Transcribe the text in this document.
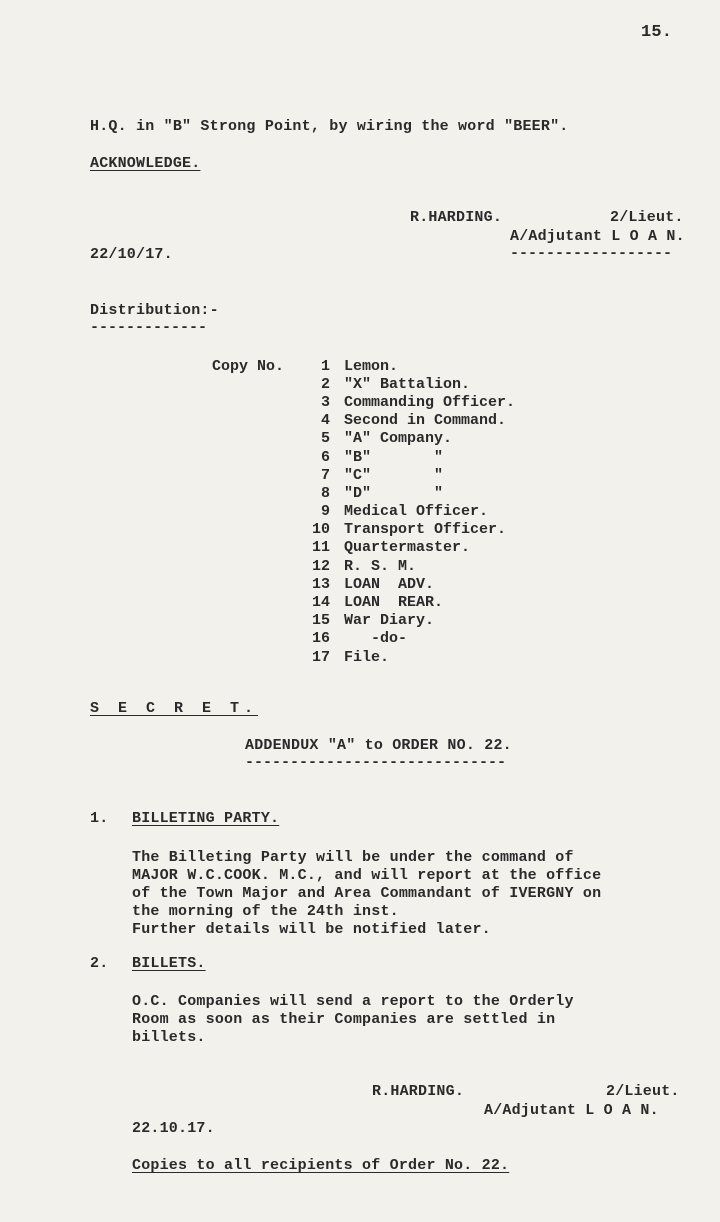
15.
H.Q. in "B" Strong Point, by wiring the word "BEER".
ACKNOWLEDGE.
R.HARDING.	2/Lieut.
A/Adjutant L O A N.
------------------
22/10/17.
Distribution:-
-------------
Copy No.	1 Lemon.
2 "X" Battalion.
3 Commanding Officer.
4 Second in Command.
5 "A" Company.
6 "B"       "
7 "C"       "
8 "D"       "
9 Medical Officer.
10 Transport Officer.
11 Quartermaster.
12 R. S. M.
13 LOAN  ADV.
14 LOAN  REAR.
15 War Diary.
16 -do-
17 File.
S E C R E T.
ADDENDUX "A" to ORDER NO. 22.
-----------------------------
1. BILLETING PARTY.
The Billeting Party will be under the command of
MAJOR W.C.COOK. M.C., and will report at the office
of the Town Major and Area Commandant of IVERGNY on
the morning of the 24th inst.
Further details will be notified later.
2. BILLETS.
O.C. Companies will send a report to the Orderly
Room as soon as their Companies are settled in
billets.
R.HARDING.	2/Lieut.
A/Adjutant L O A N.
22.10.17.
Copies to all recipients of Order No. 22.
